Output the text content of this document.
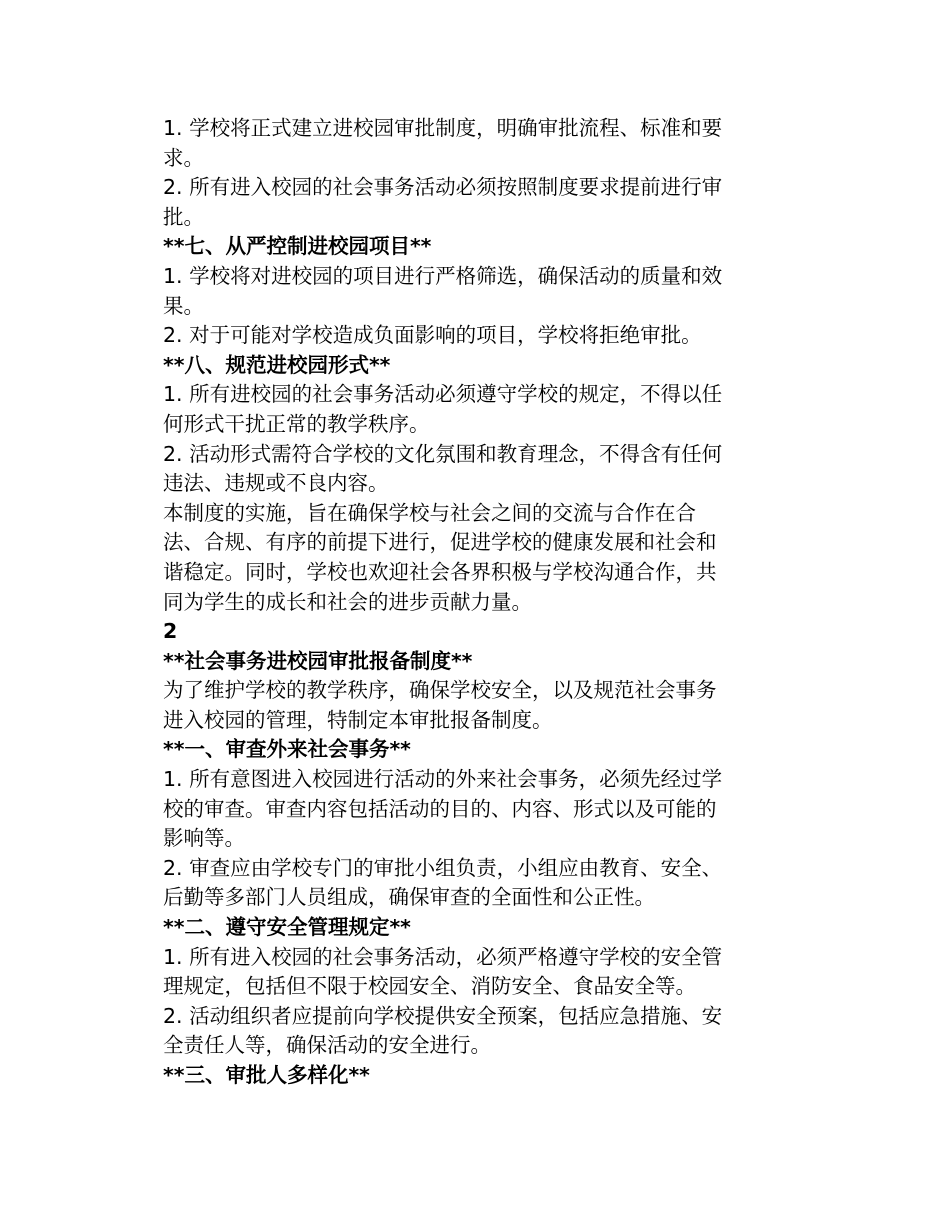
1. 学校将正式建立进校园审批制度，明确审批流程、标准和要
求。
2. 所有进入校园的社会事务活动必须按照制度要求提前进行审
批。
**七、从严控制进校园项目**
1. 学校将对进校园的项目进行严格筛选，确保活动的质量和效
果。
2. 对于可能对学校造成负面影响的项目，学校将拒绝审批。
**八、规范进校园形式**
1. 所有进校园的社会事务活动必须遵守学校的规定，不得以任
何形式干扰正常的教学秩序。
2. 活动形式需符合学校的文化氛围和教育理念，不得含有任何
违法、违规或不良内容。
本制度的实施，旨在确保学校与社会之间的交流与合作在合
法、合规、有序的前提下进行，促进学校的健康发展和社会和
谐稳定。同时，学校也欢迎社会各界积极与学校沟通合作，共
同为学生的成长和社会的进步贡献力量。
2
**社会事务进校园审批报备制度**
为了维护学校的教学秩序，确保学校安全，以及规范社会事务
进入校园的管理，特制定本审批报备制度。
**一、审查外来社会事务**
1. 所有意图进入校园进行活动的外来社会事务，必须先经过学
校的审查。审查内容包括活动的目的、内容、形式以及可能的
影响等。
2. 审查应由学校专门的审批小组负责，小组应由教育、安全、
后勤等多部门人员组成，确保审查的全面性和公正性。
**二、遵守安全管理规定**
1. 所有进入校园的社会事务活动，必须严格遵守学校的安全管
理规定，包括但不限于校园安全、消防安全、食品安全等。
2. 活动组织者应提前向学校提供安全预案，包括应急措施、安
全责任人等，确保活动的安全进行。
**三、审批人多样化**
